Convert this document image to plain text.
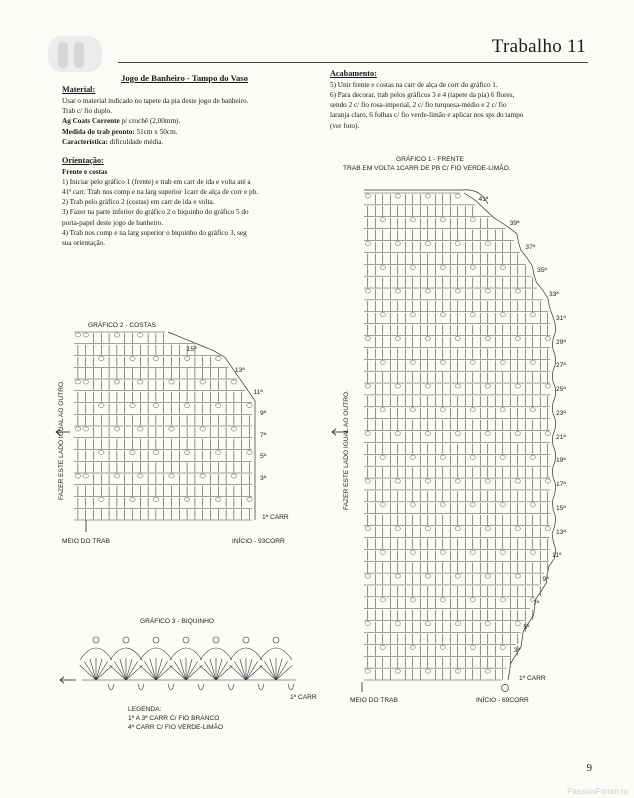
Trabalho 11

Jogo de Banheiro - Tampo do Vaso

Material:

Usar o material indicado no tapete da pia deste jogo de banheiro.

Trab c/ fio duplo.

Ag Coats Corrente p/ crochê (2,00mm).

Medida do trab pronto: 51cm x 50cm.

Característica: dificuldade média.

Orientação:

Frente e costas

1) Iniciar pelo gráfico 1 (frente) e trab em carr de ida e volta até a

41ª carr. Trab nos comp e na larg superior 1carr de alça de corr e pb.

2) Trab pelo gráfico 2 (costas) em carr de ida e volta.

3) Fazer na parte inferior do gráfico 2 o biquinho do gráfico 5 do

porta-papel deste jogo de banheiro.

4) Trab nos comp e na larg superior o biquinho do gráfico 3, seg

sua orientação.

Acabamento:

5) Unir frente e costas na carr de alça de corr do gráfico 1.

6) Para decorar, trab pelos gráficos 3 e 4 (tapete da pia) 6 flores,

sendo 2 c/ fio rosa-imperial, 2 c/ fio turquesa-médio e 2 c/ fio

laranja claro, 6 folhas c/ fio verde-limão e aplicar nos sps do tampo

(ver foto).

GRÁFICO 1 - FRENTE
TRAB EM VOLTA 1CARR DE PB C/ FIO VERDE-LIMÃO.
FAZER ESTE LADO IGUAL AO OUTRO.
1ª CARR
MEIO DO TRAB	INÍCIO - 69CORR
41ª
39ª
37ª
35ª
33ª
31ª
29ª
27ª
25ª
23ª
21ª
19ª
17ª
15ª
13ª
11ª
9ª
7ª
5ª
3ª
GRÁFICO 2 - COSTAS
FAZER ESTE LADO IGUAL AO OUTRO.
1ª CARR
MEIO DO TRAB	INÍCIO - 93CORR
15ª
13ª
11ª
9ª
7ª
5ª
3ª
GRÁFICO 3 - BIQUINHO
1ª CARR
LEGENDA:
1ª A 3ª CARR C/ FIO BRANCO
4ª CARR C/ FIO VERDE-LIMÃO
9
PassionForum.ru
